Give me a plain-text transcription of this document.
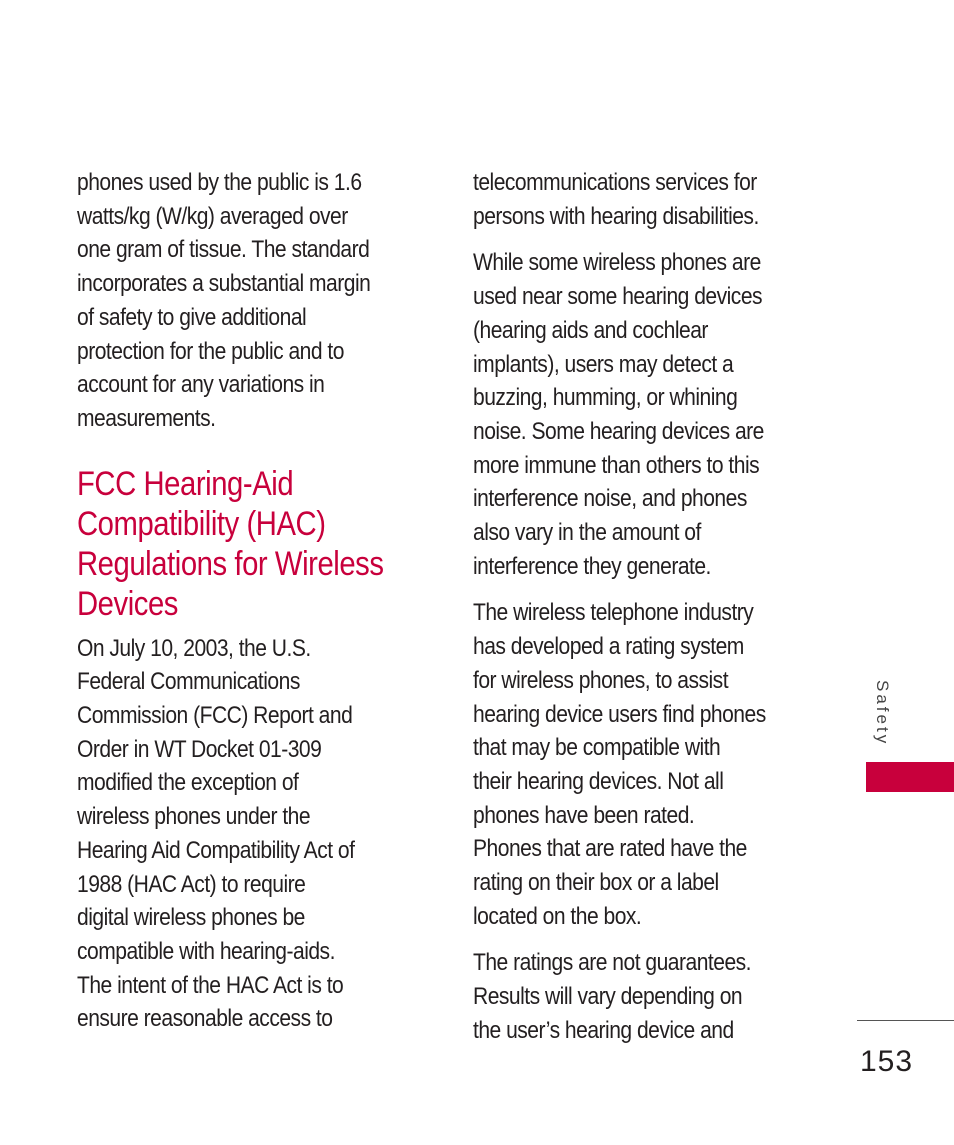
phones used by the public is 1.6
watts/kg (W/kg) averaged over
one gram of tissue. The standard
incorporates a substantial margin
of safety to give additional
protection for the public and to
account for any variations in
measurements.

FCC Hearing-Aid
Compatibility (HAC)
Regulations for Wireless
Devices

On July 10, 2003, the U.S.
Federal Communications
Commission (FCC) Report and
Order in WT Docket 01-309
modified the exception of
wireless phones under the
Hearing Aid Compatibility Act of
1988 (HAC Act) to require
digital wireless phones be
compatible with hearing-aids.
The intent of the HAC Act is to
ensure reasonable access to

telecommunications services for
persons with hearing disabilities.

While some wireless phones are
used near some hearing devices
(hearing aids and cochlear
implants), users may detect a
buzzing, humming, or whining
noise. Some hearing devices are
more immune than others to this
interference noise, and phones
also vary in the amount of
interference they generate.

The wireless telephone industry
has developed a rating system
for wireless phones, to assist
hearing device users find phones
that may be compatible with
their hearing devices. Not all
phones have been rated.
Phones that are rated have the
rating on their box or a label
located on the box.

The ratings are not guarantees.
Results will vary depending on
the user’s hearing device and

Safety
153
